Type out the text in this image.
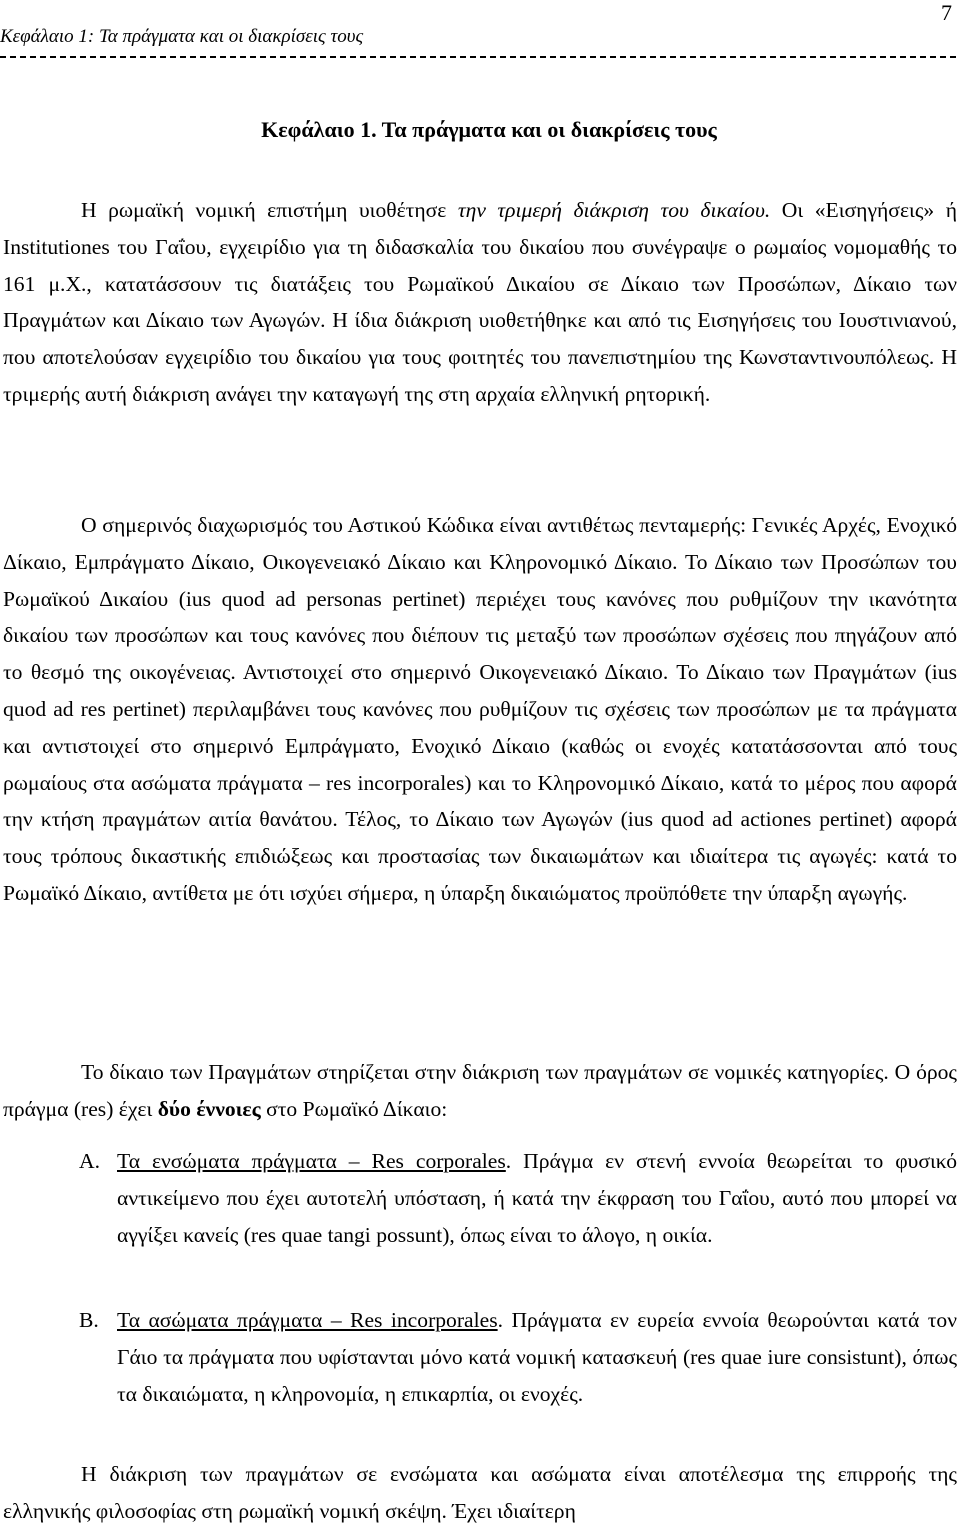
Κεφάλαιο 1: Τα πράγματα και οι διακρίσεις τους
7
Κεφάλαιο 1. Τα πράγματα και οι διακρίσεις τους
Η ρωμαϊκή νομική επιστήμη υιοθέτησε την τριμερή διάκριση του δικαίου. Οι «Εισηγήσεις» ή Institutiones του Γαΐου, εγχειρίδιο για τη διδασκαλία του δικαίου που συνέγραψε ο ρωμαίος νομομαθής το 161 μ.Χ., κατατάσσουν τις διατάξεις του Ρωμαϊκού Δικαίου σε Δίκαιο των Προσώπων, Δίκαιο των Πραγμάτων και Δίκαιο των Αγωγών. Η ίδια διάκριση υιοθετήθηκε και από τις Εισηγήσεις του Ιουστινιανού, που αποτελούσαν εγχειρίδιο του δικαίου για τους φοιτητές του πανεπιστημίου της Κωνσταντινουπόλεως. Η τριμερής αυτή διάκριση ανάγει την καταγωγή της στη αρχαία ελληνική ρητορική.
Ο σημερινός διαχωρισμός του Αστικού Κώδικα είναι αντιθέτως πενταμερής: Γενικές Αρχές, Ενοχικό Δίκαιο, Εμπράγματο Δίκαιο, Οικογενειακό Δίκαιο και Κληρονομικό Δίκαιο. Το Δίκαιο των Προσώπων του Ρωμαϊκού Δικαίου (ius quod ad personas pertinet) περιέχει τους κανόνες που ρυθμίζουν την ικανότητα δικαίου των προσώπων και τους κανόνες που διέπουν τις μεταξύ των προσώπων σχέσεις που πηγάζουν από το θεσμό της οικογένειας. Αντιστοιχεί στο σημερινό Οικογενειακό Δίκαιο. Το Δίκαιο των Πραγμάτων (ius quod ad res pertinet) περιλαμβάνει τους κανόνες που ρυθμίζουν τις σχέσεις των προσώπων με τα πράγματα και αντιστοιχεί στο σημερινό Εμπράγματο, Ενοχικό Δίκαιο (καθώς οι ενοχές κατατάσσονται από τους ρωμαίους στα ασώματα πράγματα – res incorporales) και το Κληρονομικό Δίκαιο, κατά το μέρος που αφορά την κτήση πραγμάτων αιτία θανάτου. Τέλος, το Δίκαιο των Αγωγών (ius quod ad actiones pertinet) αφορά τους τρόπους δικαστικής επιδιώξεως και προστασίας των δικαιωμάτων και ιδιαίτερα τις αγωγές: κατά το Ρωμαϊκό Δίκαιο, αντίθετα με ότι ισχύει σήμερα, η ύπαρξη δικαιώματος προϋπόθετε την ύπαρξη αγωγής.
Το δίκαιο των Πραγμάτων στηρίζεται στην διάκριση των πραγμάτων σε νομικές κατηγορίες. Ο όρος πράγμα (res) έχει δύο έννοιες στο Ρωμαϊκό Δίκαιο:
Α. Τα ενσώματα πράγματα – Res corporales. Πράγμα εν στενή εννοία θεωρείται το φυσικό αντικείμενο που έχει αυτοτελή υπόσταση, ή κατά την έκφραση του Γαΐου, αυτό που μπορεί να αγγίξει κανείς (res quae tangi possunt), όπως είναι το άλογο, η οικία.
Β. Τα ασώματα πράγματα – Res incorporales. Πράγματα εν ευρεία εννοία θεωρούνται κατά τον Γάιο τα πράγματα που υφίστανται μόνο κατά νομική κατασκευή (res quae iure consistunt), όπως τα δικαιώματα, η κληρονομία, η επικαρπία, οι ενοχές.
Η διάκριση των πραγμάτων σε ενσώματα και ασώματα είναι αποτέλεσμα της επιρροής της ελληνικής φιλοσοφίας στη ρωμαϊκή νομική σκέψη. Έχει ιδιαίτερη
